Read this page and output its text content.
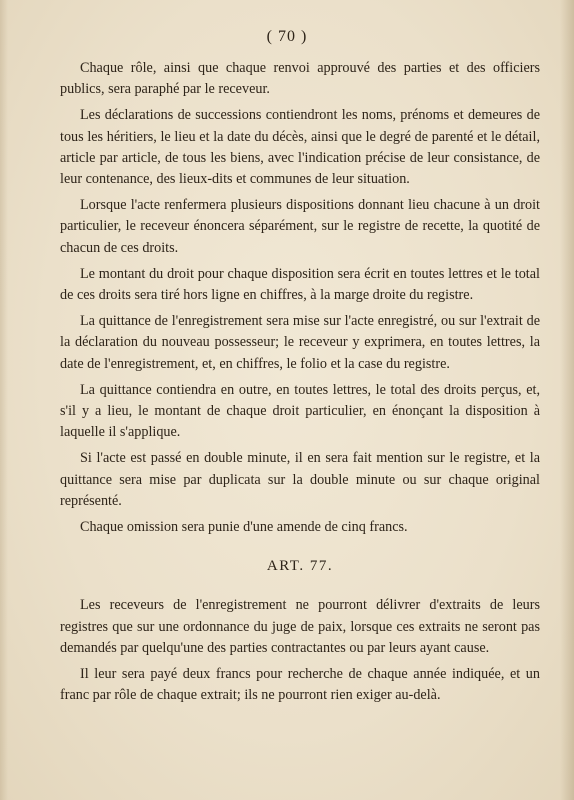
( 70 )

Chaque rôle, ainsi que chaque renvoi approuvé des parties et des officiers publics, sera paraphé par le receveur.

Les déclarations de successions contiendront les noms, prénoms et demeures de tous les héritiers, le lieu et la date du décès, ainsi que le degré de parenté et le détail, article par article, de tous les biens, avec l'indication précise de leur consistance, de leur contenance, des lieux-dits et communes de leur situation.

Lorsque l'acte renfermera plusieurs dispositions donnant lieu chacune à un droit particulier, le receveur énoncera séparément, sur le registre de recette, la quotité de chacun de ces droits.

Le montant du droit pour chaque disposition sera écrit en toutes lettres et le total de ces droits sera tiré hors ligne en chiffres, à la marge droite du registre.

La quittance de l'enregistrement sera mise sur l'acte enregistré, ou sur l'extrait de la déclaration du nouveau possesseur; le receveur y exprimera, en toutes lettres, la date de l'enregistrement, et, en chiffres, le folio et la case du registre.

La quittance contiendra en outre, en toutes lettres, le total des droits perçus, et, s'il y a lieu, le montant de chaque droit particulier, en énonçant la disposition à laquelle il s'applique.

Si l'acte est passé en double minute, il en sera fait mention sur le registre, et la quittance sera mise par duplicata sur la double minute ou sur chaque original représenté.

Chaque omission sera punie d'une amende de cinq francs.

ART. 77.

Les receveurs de l'enregistrement ne pourront délivrer d'extraits de leurs registres que sur une ordonnance du juge de paix, lorsque ces extraits ne seront pas demandés par quelqu'une des parties contractantes ou par leurs ayant cause.

Il leur sera payé deux francs pour recherche de chaque année indiquée, et un franc par rôle de chaque extrait; ils ne pourront rien exiger au-delà.
